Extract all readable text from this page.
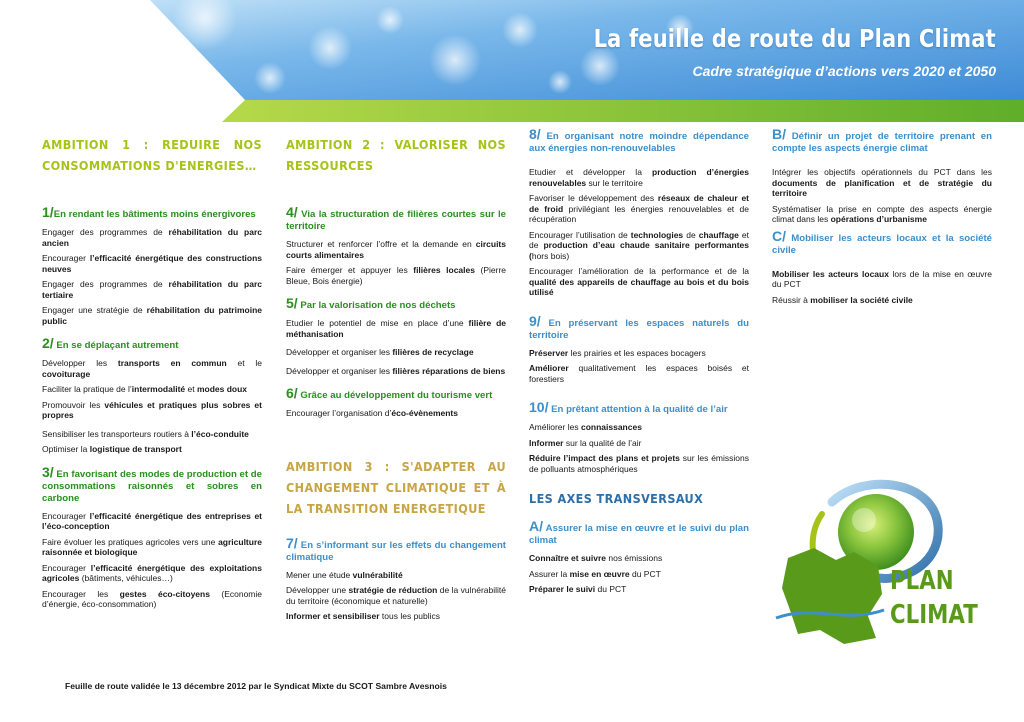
La feuille de route du Plan Climat
Cadre stratégique d’actions vers 2020 et 2050
AMBITION 1 : REDUIRE NOS CONSOMMATIONS D'ENERGIES…
1/En rendant les bâtiments moins énergivores
Engager des programmes de réhabilitation du parc ancien
Encourager l’efficacité énergétique des constructions neuves
Engager des programmes de réhabilitation du parc tertiaire
Engager une stratégie de réhabilitation du patrimoine public
2/ En se déplaçant autrement
Développer les transports en commun et le covoiturage
Faciliter la pratique de l’intermodalité et modes doux
Promouvoir les véhicules et pratiques plus sobres et propres
Sensibiliser les transporteurs routiers à l’éco-conduite
Optimiser la logistique de transport
3/ En favorisant des modes de production et de consommations raisonnés et sobres en carbone
Encourager l’efficacité énergétique des entreprises et l’éco-conception
Faire évoluer les pratiques agricoles vers une agriculture raisonnée et biologique
Encourager l’efficacité énergétique des exploitations agricoles (bâtiments, véhicules…)
Encourager les gestes éco-citoyens (Economie d’énergie, éco-consommation)
AMBITION 2 : VALORISER NOS RESSOURCES
4/ Via la structuration de filières courtes sur le territoire
Structurer et renforcer l’offre et la demande en circuits courts alimentaires
Faire émerger et appuyer les filières locales (Pierre Bleue, Bois énergie)
5/ Par la valorisation de nos déchets
Etudier le potentiel de mise en place d’une filière de méthanisation
Développer et organiser les filières de recyclage
Développer et organiser les filières réparations de biens
6/ Grâce au développement du tourisme vert
Encourager l’organisation d’éco-évènements
AMBITION 3 : S'ADAPTER AU CHANGEMENT CLIMATIQUE ET À LA TRANSITION ENERGETIQUE
7/ En s’informant sur les effets du changement climatique
Mener une étude vulnérabilité
Développer une stratégie de réduction de la vulnérabilité du territoire (économique et naturelle)
Informer et sensibiliser tous les publics
8/ En organisant notre moindre dépendance aux énergies non-renouvelables
Etudier et développer la production d’énergies renouvelables sur le territoire
Favoriser le développement des réseaux de chaleur et de froid privilégiant les énergies renouvelables et de récupération
Encourager l’utilisation de technologies de chauffage et de production d’eau chaude sanitaire performantes (hors bois)
Encourager l’amélioration de la performance et de la qualité des appareils de chauffage au bois et du bois utilisé
9/ En préservant les espaces naturels du territoire
Préserver les prairies et les espaces bocagers
Améliorer qualitativement les espaces boisés et forestiers
10/ En prêtant attention à la qualité de l’air
Améliorer les connaissances
Informer sur la qualité de l’air
Réduire l’impact des plans et projets sur les émissions de polluants atmosphériques
LES AXES TRANSVERSAUX
A/ Assurer la mise en œuvre et le suivi du plan climat
Connaître et suivre nos émissions
Assurer la mise en œuvre du PCT
Préparer le suivi du PCT
B/ Définir un projet de territoire prenant en compte les aspects énergie climat
Intégrer les objectifs opérationnels du PCT dans les documents de planification et de stratégie du territoire
Systématiser la prise en compte des aspects énergie climat dans les opérations d’urbanisme
C/ Mobiliser les acteurs locaux et la société civile
Mobiliser les acteurs locaux lors de la mise en œuvre du PCT
Réussir à mobiliser la société civile
PLAN
CLIMAT
Feuille de route validée le 13 décembre 2012 par le Syndicat Mixte du SCOT Sambre Avesnois
